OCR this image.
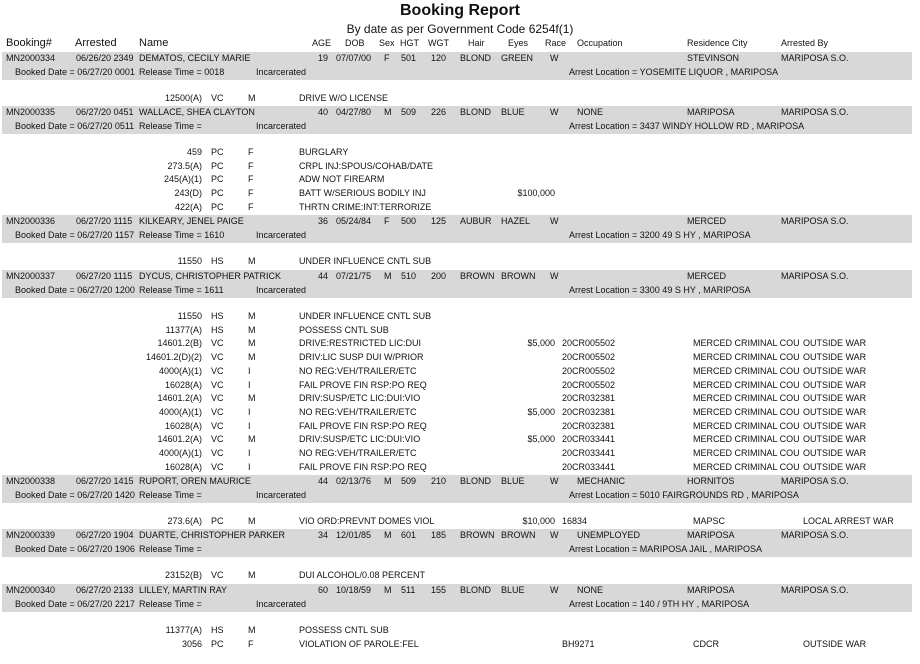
Booking Report
By date as per Government Code 6254f(1)
Booking# Arrested Name	AGE DOB Sex HGT WGT Hair	Eyes Race Occupation	Residence City	Arrested By
MN2000334 06/26/20 2349 DEMATOS, CECILY MARIE	19 07/07/00 F 501 120 BLOND GREEN W	STEVINSON	MARIPOSA S.O.
Booked Date = 06/27/20 0001 Release Time = 0018	Incarcerated	Arrest Location = YOSEMITE LIQUOR , MARIPOSA
12500(A) VC	M	DRIVE W/O LICENSE
MN2000335 06/27/20 0451 WALLACE, SHEA CLAYTON	40 04/27/80 M 509 226 BLOND BLUE	W NONE	MARIPOSA	MARIPOSA S.O.
Booked Date = 06/27/20 0511 Release Time =	Incarcerated	Arrest Location = 3437 WINDY HOLLOW RD , MARIPOSA
459 PC	F	BURGLARY
273.5(A) PC	F	CRPL INJ:SPOUS/COHAB/DATE
245(A)(1) PC	F	ADW NOT FIREARM
243(D) PC	F	BATT W/SERIOUS BODILY INJ	$100,000
422(A) PC	F	THRTN CRIME:INT:TERRORIZE
MN2000336 06/27/20 1115 KILKEARY, JENEL PAIGE	36 05/24/84 F 500 125 AUBUR HAZEL W	MERCED	MARIPOSA S.O.
Booked Date = 06/27/20 1157 Release Time = 1610	Incarcerated	Arrest Location = 3200 49 S HY , MARIPOSA
11550 HS	M	UNDER INFLUENCE CNTL SUB
MN2000337 06/27/20 1115 DYCUS, CHRISTOPHER PATRICK	44 07/21/75 M 510 200 BROWN BROWN W	MERCED	MARIPOSA S.O.
Booked Date = 06/27/20 1200 Release Time = 1611	Incarcerated	Arrest Location = 3300 49 S HY , MARIPOSA
11550 HS	M	UNDER INFLUENCE CNTL SUB
11377(A) HS	M	POSSESS CNTL SUB
14601.2(B) VC	M	DRIVE:RESTRICTED LIC:DUI	$5,000 20CR005502	MERCED CRIMINAL COU OUTSIDE WAR
14601.2(D)(2) VC	M	DRIV:LIC SUSP DUI W/PRIOR	20CR005502	MERCED CRIMINAL COU OUTSIDE WAR
4000(A)(1) VC	I	NO REG:VEH/TRAILER/ETC	20CR005502	MERCED CRIMINAL COU OUTSIDE WAR
16028(A) VC	I	FAIL PROVE FIN RSP:PO REQ	20CR005502	MERCED CRIMINAL COU OUTSIDE WAR
14601.2(A) VC	M	DRIV:SUSP/ETC LIC:DUI:VIO	20CR032381	MERCED CRIMINAL COU OUTSIDE WAR
4000(A)(1) VC	I	NO REG:VEH/TRAILER/ETC	$5,000 20CR032381	MERCED CRIMINAL COU OUTSIDE WAR
16028(A) VC	I	FAIL PROVE FIN RSP:PO REQ	20CR032381	MERCED CRIMINAL COU OUTSIDE WAR
14601.2(A) VC	M	DRIV:SUSP/ETC LIC:DUI:VIO	$5,000 20CR033441	MERCED CRIMINAL COU OUTSIDE WAR
4000(A)(1) VC	I	NO REG:VEH/TRAILER/ETC	20CR033441	MERCED CRIMINAL COU OUTSIDE WAR
16028(A) VC	I	FAIL PROVE FIN RSP:PO REQ	20CR033441	MERCED CRIMINAL COU OUTSIDE WAR
MN2000338 06/27/20 1415 RUPORT, OREN MAURICE	44 02/13/76 M 509 210 BLOND BLUE	W MECHANIC	HORNITOS	MARIPOSA S.O.
Booked Date = 06/27/20 1420 Release Time =	Incarcerated	Arrest Location = 5010 FAIRGROUNDS RD , MARIPOSA
273.6(A) PC	M	VIO ORD:PREVNT DOMES VIOL	$10,000 16834	MAPSC	LOCAL ARREST WAR
MN2000339 06/27/20 1904 DUARTE, CHRISTOPHER PARKER	34 12/01/85 M 601 185 BROWN BROWN W UNEMPLOYED	MARIPOSA	MARIPOSA S.O.
Booked Date = 06/27/20 1906 Release Time =	Arrest Location = MARIPOSA JAIL , MARIPOSA
23152(B) VC	M	DUI ALCOHOL/0.08 PERCENT
MN2000340 06/27/20 2133 LILLEY, MARTIN RAY	60 10/18/59 M 511 155 BLOND BLUE	W NONE	MARIPOSA	MARIPOSA S.O.
Booked Date = 06/27/20 2217 Release Time =	Incarcerated	Arrest Location = 140 / 9TH HY , MARIPOSA
11377(A) HS	M	POSSESS CNTL SUB
3056 PC	F	VIOLATION OF PAROLE:FEL	BH9271	CDCR	OUTSIDE WAR
